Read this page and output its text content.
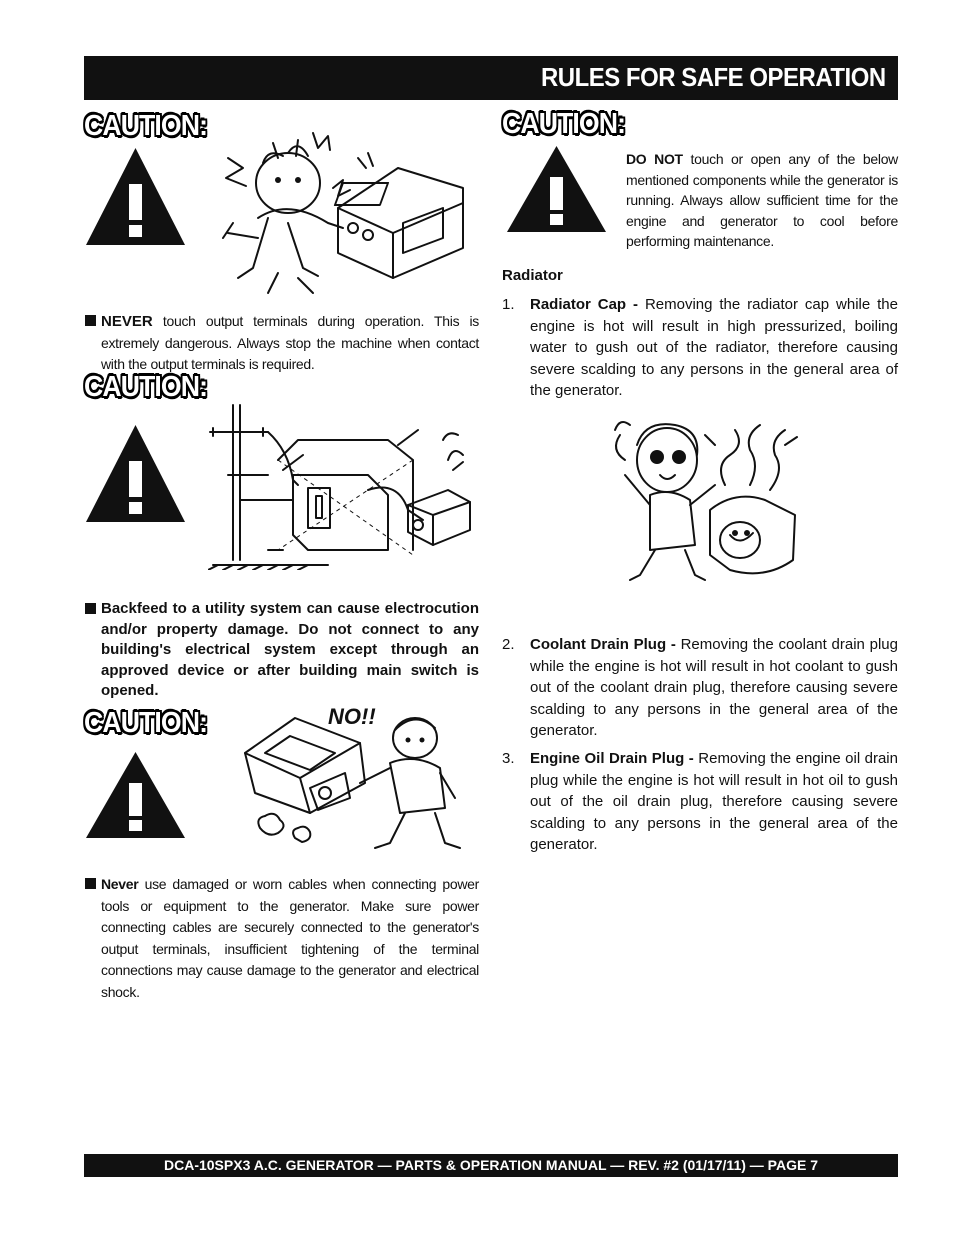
RULES FOR SAFE OPERATION
CAUTION:
NEVER touch output terminals during operation. This is extremely dangerous. Always stop the machine when contact with the output terminals is required.
CAUTION:
Backfeed to a utility system can cause electrocution and/or property damage. Do not connect to any building's electrical system except through an approved device or after building main switch is opened.
CAUTION:	NO!!
Never use damaged or worn cables when connecting power tools or equipment to the generator. Make sure power connecting cables are securely connected to the generator's output terminals, insufficient tightening of the terminal connections may cause damage to the generator and electrical shock.
CAUTION:
DO NOT touch or open any of the below mentioned components while the generator is running. Always allow sufficient time for the engine and generator to cool before performing maintenance.
Radiator
1. Radiator Cap - Removing the radiator cap while the engine is hot will result in high pressurized, boiling water to gush out of the radiator, therefore causing severe scalding to any persons in the general area of the generator.
2. Coolant Drain Plug - Removing the coolant drain plug while the engine is hot will result in hot coolant to gush out of the coolant drain plug, therefore causing severe scalding to any persons in the general area of the generator.
3. Engine Oil Drain Plug - Removing the engine oil drain plug while the engine is hot will result in hot oil to gush out of the oil drain plug, therefore causing severe scalding to any persons in the general area of the generator.
DCA-10SPX3 A.C. GENERATOR — PARTS & OPERATION MANUAL — REV. #2 (01/17/11) — PAGE 7
